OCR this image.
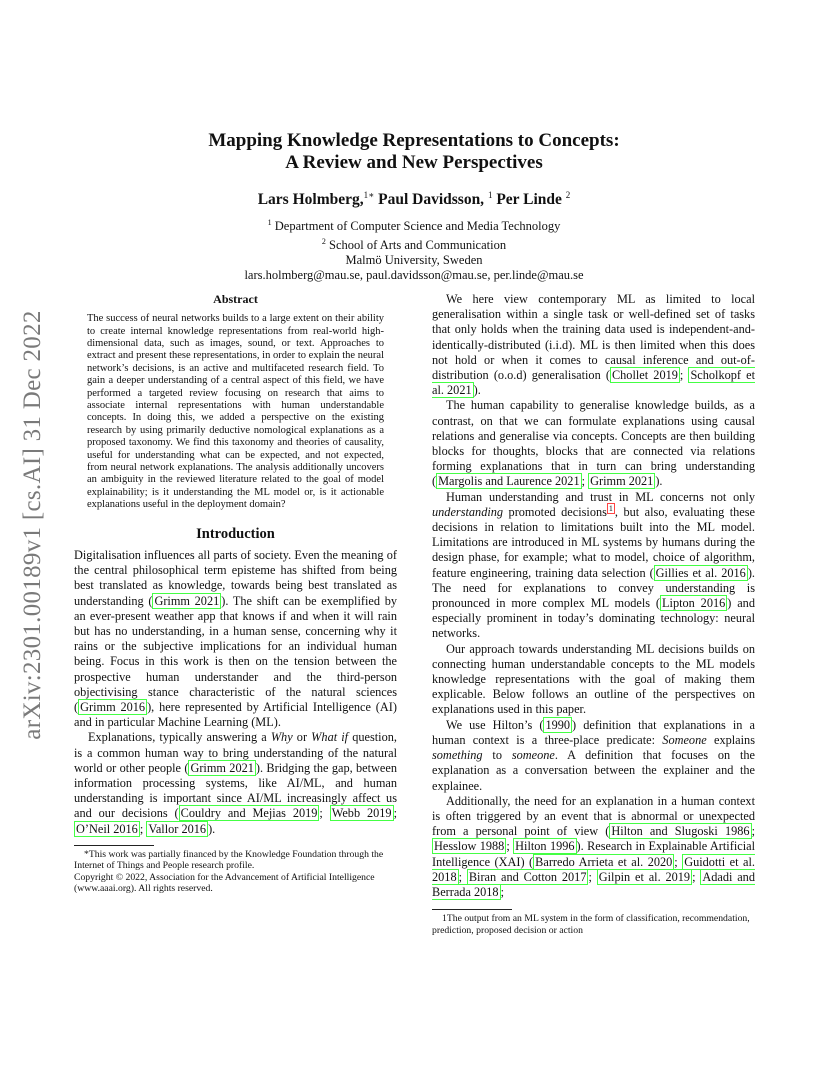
arXiv:2301.00189v1 [cs.AI] 31 Dec 2022
Mapping Knowledge Representations to Concepts:
A Review and New Perspectives
Lars Holmberg,$^{1∗}$ Paul Davidsson, $^1$ Per Linde $^2$
$^1$ Department of Computer Science and Media Technology
$^2$ School of Arts and Communication
Malmö University, Sweden
lars.holmberg@mau.se, paul.davidsson@mau.se, per.linde@mau.se
Abstract

The success of neural networks builds to a large extent on their ability to create internal knowledge representations from real-world high-dimensional data, such as images, sound, or text. Approaches to extract and present these representations, in order to explain the neural network’s decisions, is an active and multifaceted research field. To gain a deeper understanding of a central aspect of this field, we have performed a targeted review focusing on research that aims to associate internal representations with human understandable concepts. In doing this, we added a perspective on the existing research by using primarily deductive nomological explanations as a proposed taxonomy. We find this taxonomy and theories of causality, useful for understanding what can be expected, and not expected, from neural network explanations. The analysis additionally uncovers an ambiguity in the reviewed literature related to the goal of model explainability; is it understanding the ML model or, is it actionable explanations useful in the deployment domain?

Introduction

Digitalisation influences all parts of society. Even the meaning of the central philosophical term episteme has shifted from being best translated as knowledge, towards being best translated as understanding ( Grimm 2021 ). The shift can be exemplified by an ever-present weather app that knows if and when it will rain but has no understanding, in a human sense, concerning why it rains or the subjective implications for an individual human being. Focus in this work is then on the tension between the prospective human understander and the third-person objectivising stance characteristic of the natural sciences ( Grimm 2016 ), here represented by Artificial Intelligence (AI) and in particular Machine Learning (ML).

Explanations, typically answering a Why or What if question, is a common human way to bring understanding of the natural world or other people ( Grimm 2021 ). Bridging the gap, between information processing systems, like AI/ML, and human understanding is important since AI/ML increasingly affect us and our decisions ( Couldry and Mejias 2019 ; Webb 2019 ; O’Neil 2016 ; Vallor 2016 ).

*This work was partially financed by the Knowledge Foundation through the Internet of Things and People research profile.

Copyright © 2022, Association for the Advancement of Artificial Intelligence (www.aaai.org). All rights reserved.

We here view contemporary ML as limited to local generalisation within a single task or well-defined set of tasks that only holds when the training data used is independent-and-identically-distributed (i.i.d). ML is then limited when this does not hold or when it comes to causal inference and out-of-distribution (o.o.d) generalisation ( Chollet 2019 ; Scholkopf et al. 2021 ).

The human capability to generalise knowledge builds, as a contrast, on that we can formulate explanations using causal relations and generalise via concepts. Concepts are then building blocks for thoughts, blocks that are connected via relations forming explanations that in turn can bring understanding ( Margolis and Laurence 2021 ; Grimm 2021 ).

Human understanding and trust in ML concerns not only understanding promoted decisions $^1$ , but also, evaluating these decisions in relation to limitations built into the ML model. Limitations are introduced in ML systems by humans during the design phase, for example; what to model, choice of algorithm, feature engineering, training data selection ( Gillies et al. 2016 ). The need for explanations to convey understanding is pronounced in more complex ML models ( Lipton 2016 ) and especially prominent in today’s dominating technology: neural networks.

Our approach towards understanding ML decisions builds on connecting human understandable concepts to the ML models knowledge representations with the goal of making them explicable. Below follows an outline of the perspectives on explanations used in this paper.

We use Hilton’s ( 1990 ) definition that explanations in a human context is a three-place predicate: Someone explains something to someone. A definition that focuses on the explanation as a conversation between the explainer and the explainee.

Additionally, the need for an explanation in a human context is often triggered by an event that is abnormal or unexpected from a personal point of view ( Hilton and Slugoski 1986 ; Hesslow 1988 ; Hilton 1996 ). Research in Explainable Artificial Intelligence (XAI) ( Barredo Arrieta et al. 2020 ; Guidotti et al. 2018 ; Biran and Cotton 2017 ; Gilpin et al. 2019 ; Adadi and Berrada 2018 ;

1The output from an ML system in the form of classification, recommendation, prediction, proposed decision or action
